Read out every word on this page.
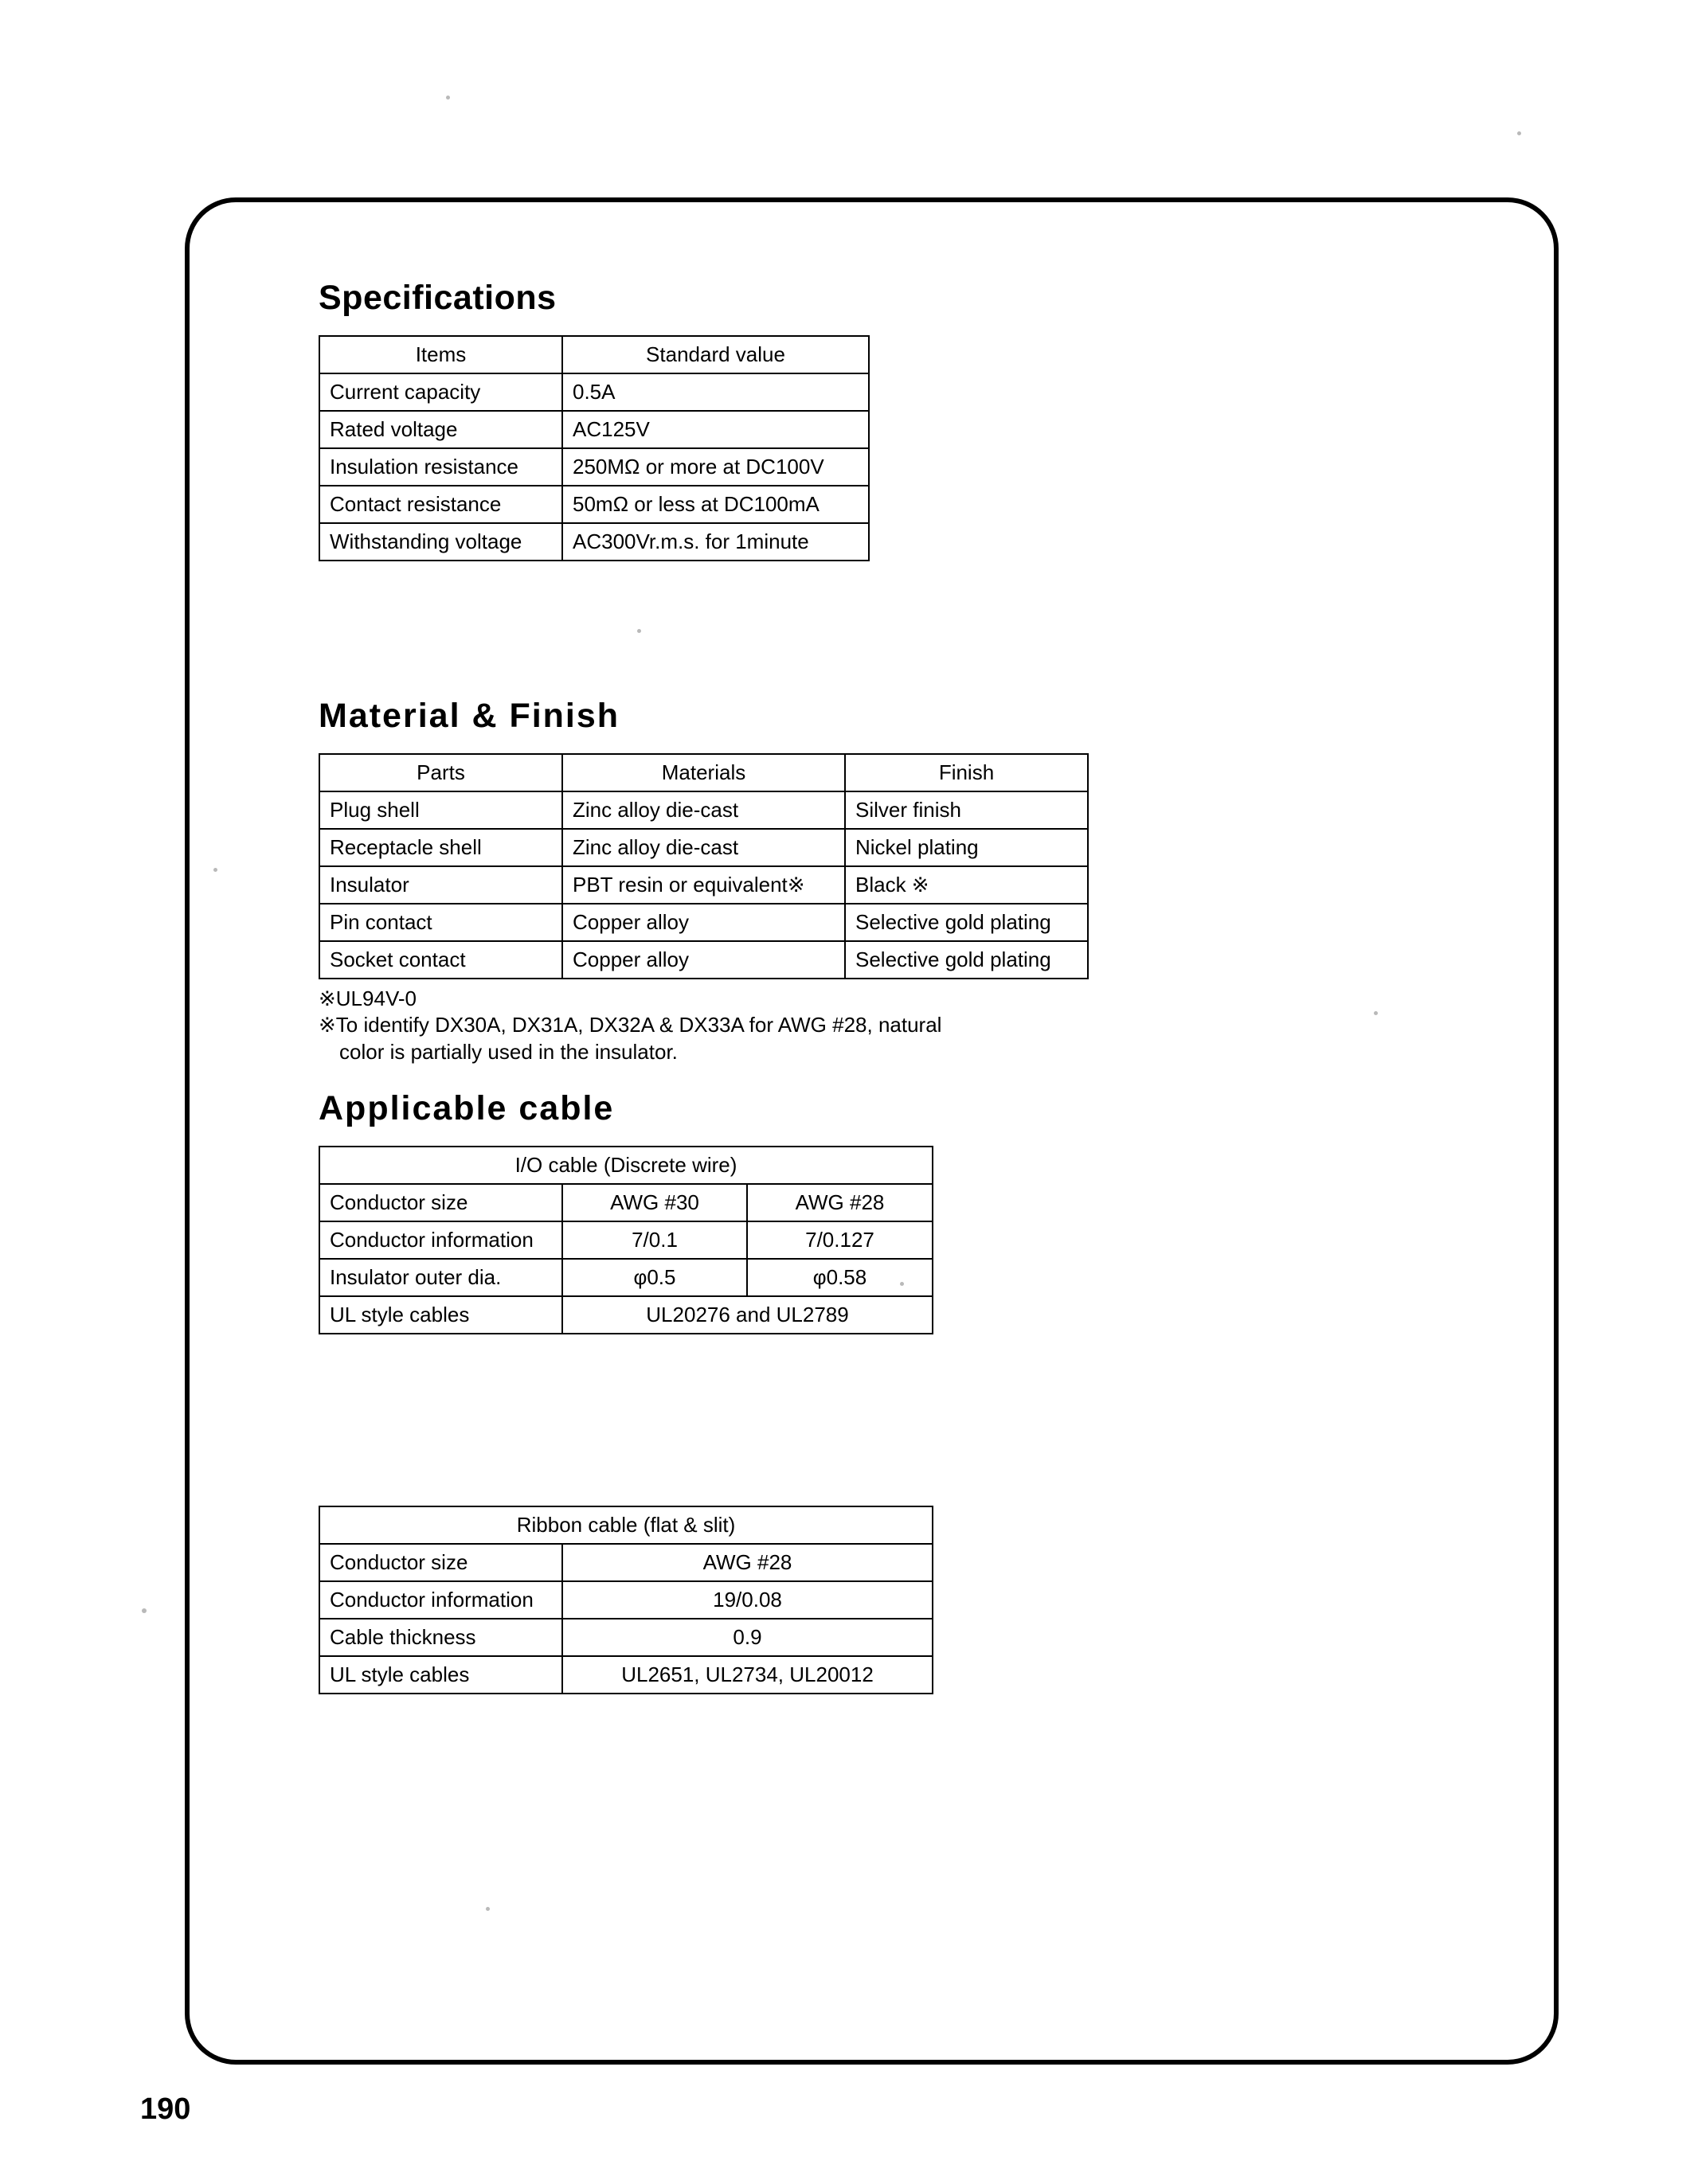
Specifications
Items	Standard value
Current capacity	0.5A
Rated voltage	AC125V
Insulation resistance	250MΩ or more at DC100V
Contact resistance	50mΩ or less at DC100mA
Withstanding voltage	AC300Vr.m.s. for 1minute
Material & Finish
Parts	Materials	Finish
Plug shell	Zinc alloy die-cast	Silver finish
Receptacle shell	Zinc alloy die-cast	Nickel plating
Insulator	PBT resin or equivalent※	Black ※
Pin contact	Copper alloy	Selective gold plating
Socket contact	Copper alloy	Selective gold plating
※UL94V-0
※To identify DX30A, DX31A, DX32A & DX33A for AWG #28, natural
color is partially used in the insulator.
Applicable cable
I/O cable (Discrete wire)		
Conductor size	AWG #30	AWG #28
Conductor information	7/0.1	7/0.127
Insulator outer dia.	φ0.5	φ0.58
UL style cables	UL20276 and UL2789	
Ribbon cable (flat & slit)	
Conductor size	AWG #28
Conductor information	19/0.08
Cable thickness	0.9
UL style cables	UL2651, UL2734, UL20012
190
